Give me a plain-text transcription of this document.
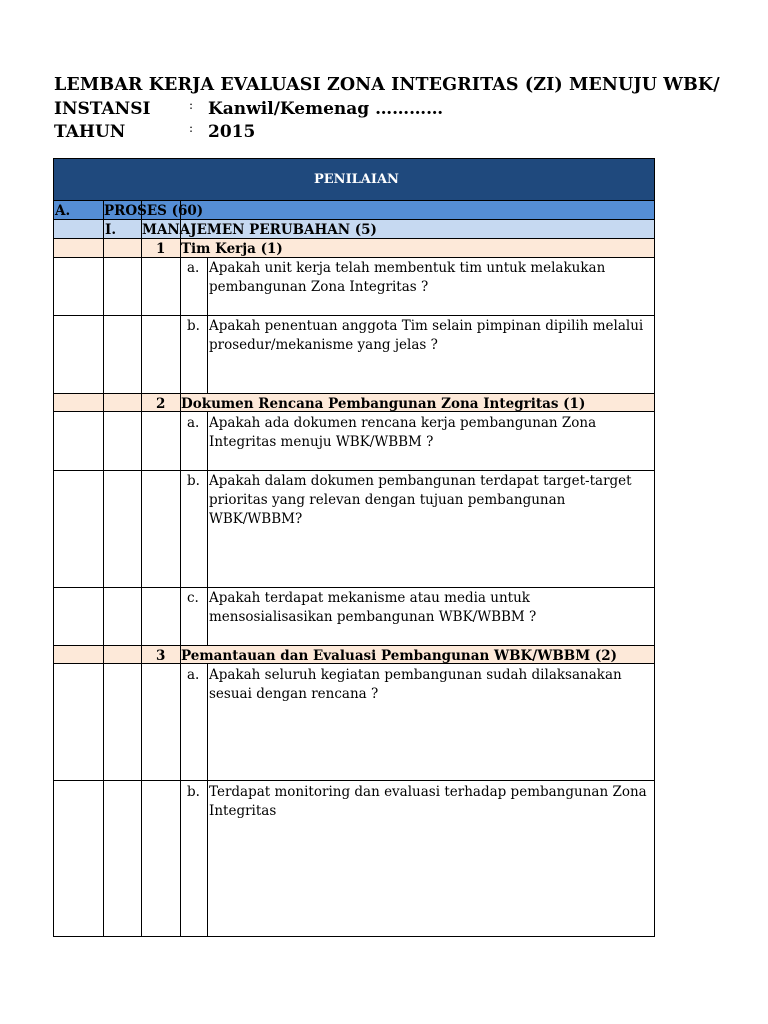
LEMBAR KERJA EVALUASI ZONA INTEGRITAS (ZI) MENUJU WBK/
INSTANSI	: Kanwil/Kemenag …………
TAHUN	: 2015
PENILAIAN
A.	PROSES (60)
I. MANAJEMEN PERUBAHAN (5)
1 Tim Kerja (1)
a. Apakah unit kerja telah membentuk tim untuk melakukan
pembangunan Zona Integritas ?
b. Apakah penentuan anggota Tim selain pimpinan dipilih melalui
prosedur/mekanisme yang jelas ?
2 Dokumen Rencana Pembangunan Zona Integritas (1)
a. Apakah ada dokumen rencana kerja pembangunan Zona
Integritas menuju WBK/WBBM ?
b. Apakah dalam dokumen pembangunan terdapat target-target
prioritas yang relevan dengan tujuan pembangunan
WBK/WBBM?
c. Apakah terdapat mekanisme atau media untuk
mensosialisasikan pembangunan WBK/WBBM ?
3 Pemantauan dan Evaluasi Pembangunan WBK/WBBM (2)
a. Apakah seluruh kegiatan pembangunan sudah dilaksanakan
sesuai dengan rencana ?
b. Terdapat monitoring dan evaluasi terhadap pembangunan Zona
Integritas
